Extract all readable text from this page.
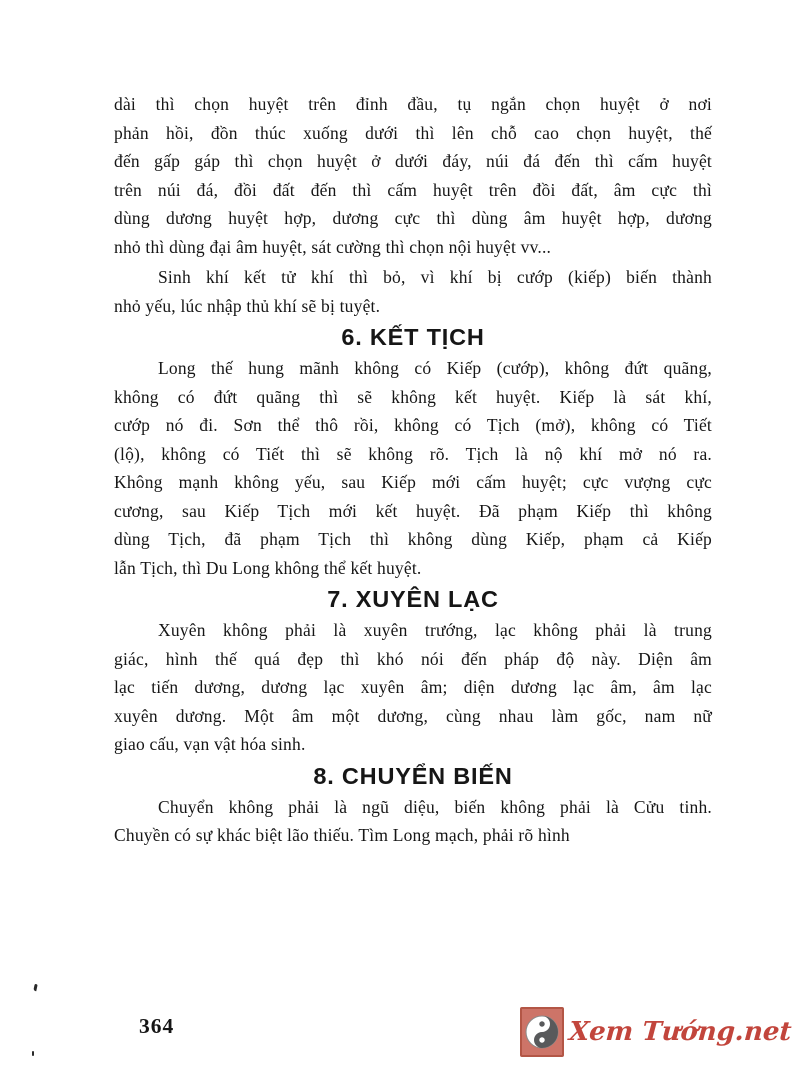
dài thì chọn huyệt trên đỉnh đầu, tụ ngắn chọn huyệt ở nơi
phản hồi, đồn thúc xuống dưới thì lên chỗ cao chọn huyệt, thế
đến gấp gáp thì chọn huyệt ở dưới đáy, núi đá đến thì cấm huyệt
trên núi đá, đồi đất đến thì cấm huyệt trên đồi đất, âm cực thì
dùng dương huyệt hợp, dương cực thì dùng âm huyệt hợp, dương
nhỏ thì dùng đại âm huyệt, sát cường thì chọn nội huyệt vv...
Sinh khí kết tử khí thì bỏ, vì khí bị cướp (kiếp) biến thành
nhỏ yếu, lúc nhập thủ khí sẽ bị tuyệt.
6. KẾT TỊCH
Long thế hung mãnh không có Kiếp (cướp), không đứt quãng,
không có đứt quãng thì sẽ không kết huyệt. Kiếp là sát khí,
cướp nó đi. Sơn thể thô rồi, không có Tịch (mở), không có Tiết
(lộ), không có Tiết thì sẽ không rõ. Tịch là nộ khí mở nó ra.
Không mạnh không yếu, sau Kiếp mới cấm huyệt; cực vượng cực
cương, sau Kiếp Tịch mới kết huyệt. Đã phạm Kiếp thì không
dùng Tịch, đã phạm Tịch thì không dùng Kiếp, phạm cả Kiếp
lẫn Tịch, thì Du Long không thể kết huyệt.
7. XUYÊN LẠC
Xuyên không phải là xuyên trướng, lạc không phải là trung
giác, hình thế quá đẹp thì khó nói đến pháp độ này. Diện âm
lạc tiến dương, dương lạc xuyên âm; diện dương lạc âm, âm lạc
xuyên dương. Một âm một dương, cùng nhau làm gốc, nam nữ
giao cấu, vạn vật hóa sinh.
8. CHUYỂN BIẾN
Chuyển không phải là ngũ diệu, biến không phải là Cửu tinh.
Chuyền có sự khác biệt lão thiếu. Tìm Long mạch, phải rõ hình
364	Xem Tướng.net
